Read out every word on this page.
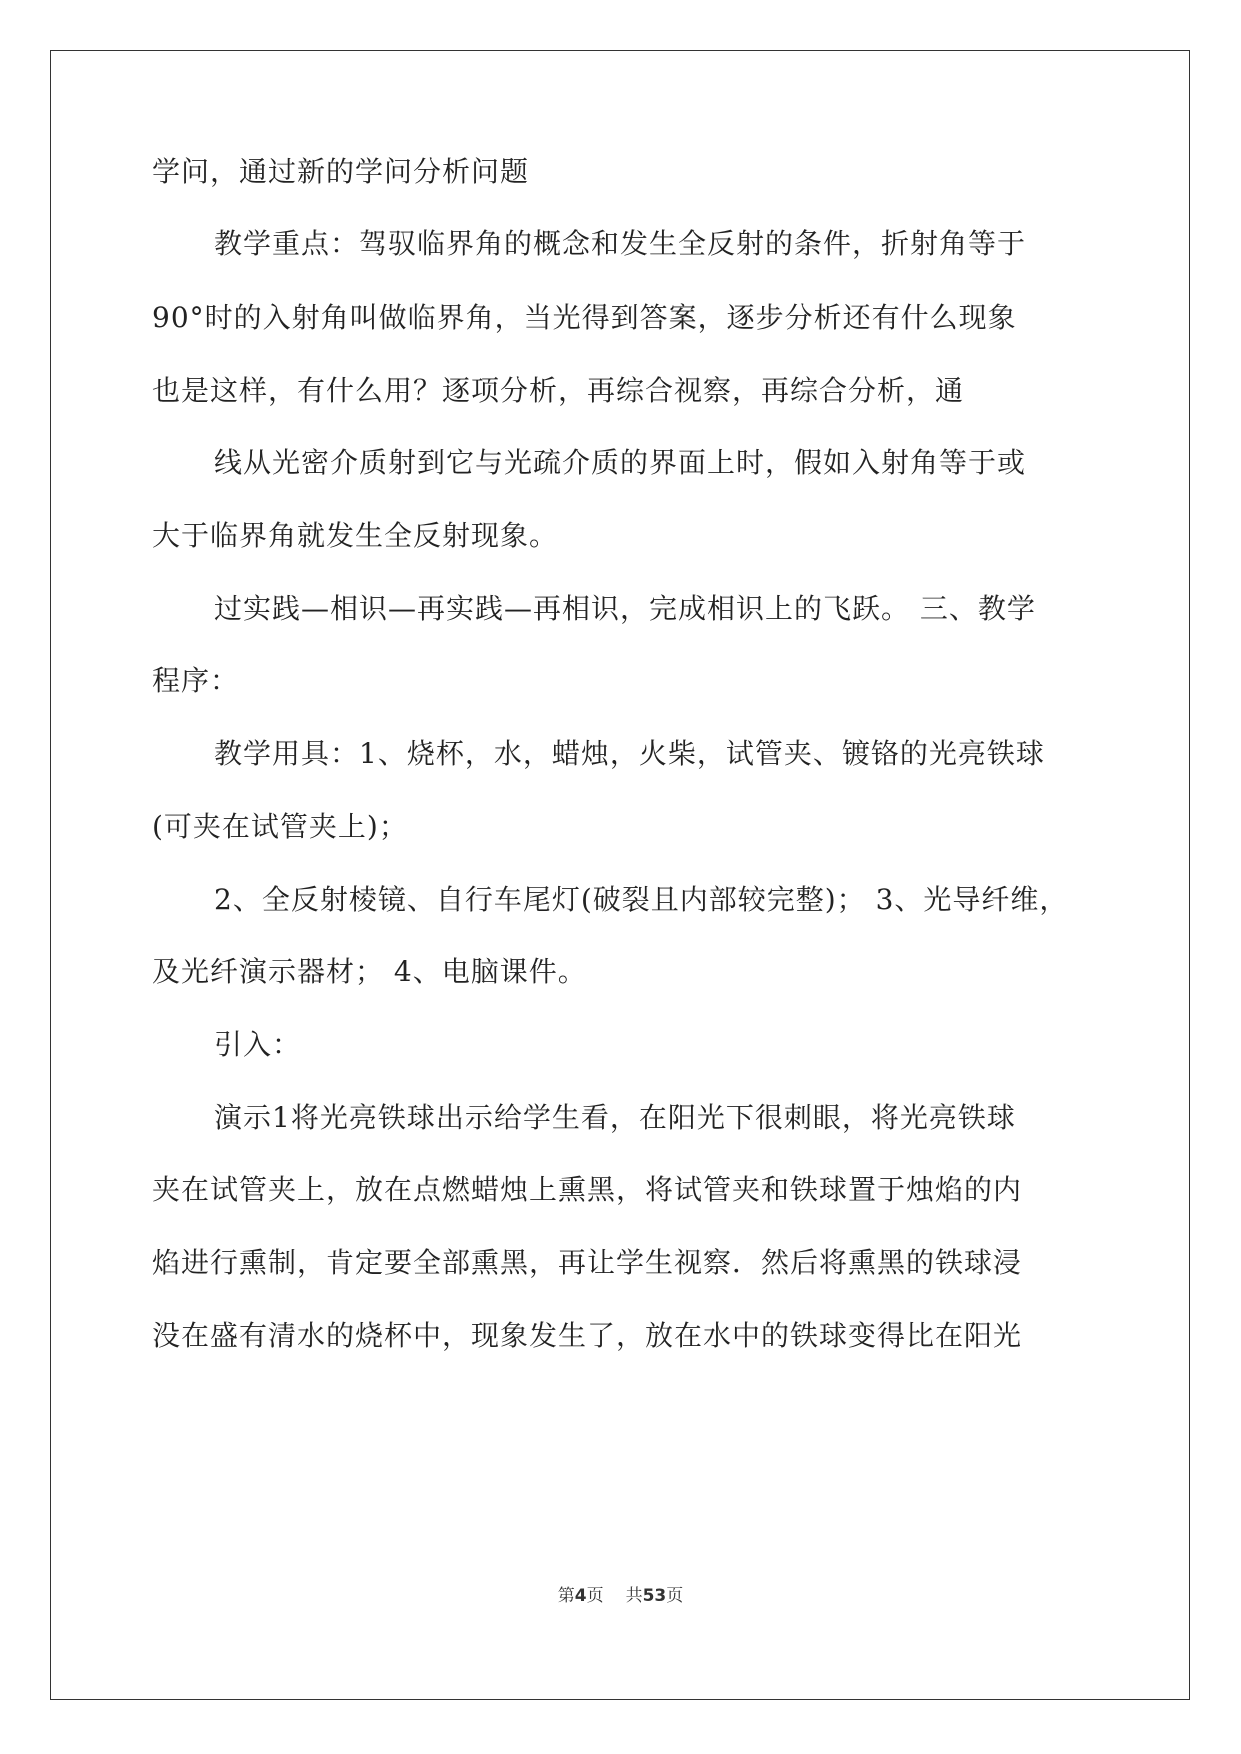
学问，通过新的学问分析问题
教学重点：驾驭临界角的概念和发生全反射的条件，折射角等于
90°时的入射角叫做临界角，当光得到答案，逐步分析还有什么现象
也是这样，有什么用？逐项分析，再综合视察，再综合分析，通
线从光密介质射到它与光疏介质的界面上时，假如入射角等于或
大于临界角就发生全反射现象。
过实践—相识—再实践—再相识，完成相识上的飞跃。 三、教学
程序：
教学用具：1、烧杯，水，蜡烛，火柴，试管夹、镀铬的光亮铁球
(可夹在试管夹上)；
2、全反射棱镜、自行车尾灯(破裂且内部较完整)； 3、光导纤维，
及光纤演示器材； 4、电脑课件。
引入：
演示1将光亮铁球出示给学生看，在阳光下很刺眼，将光亮铁球
夹在试管夹上，放在点燃蜡烛上熏黑，将试管夹和铁球置于烛焰的内
焰进行熏制，肯定要全部熏黑，再让学生视察．然后将熏黑的铁球浸
没在盛有清水的烧杯中，现象发生了，放在水中的铁球变得比在阳光
第4页 共53页
